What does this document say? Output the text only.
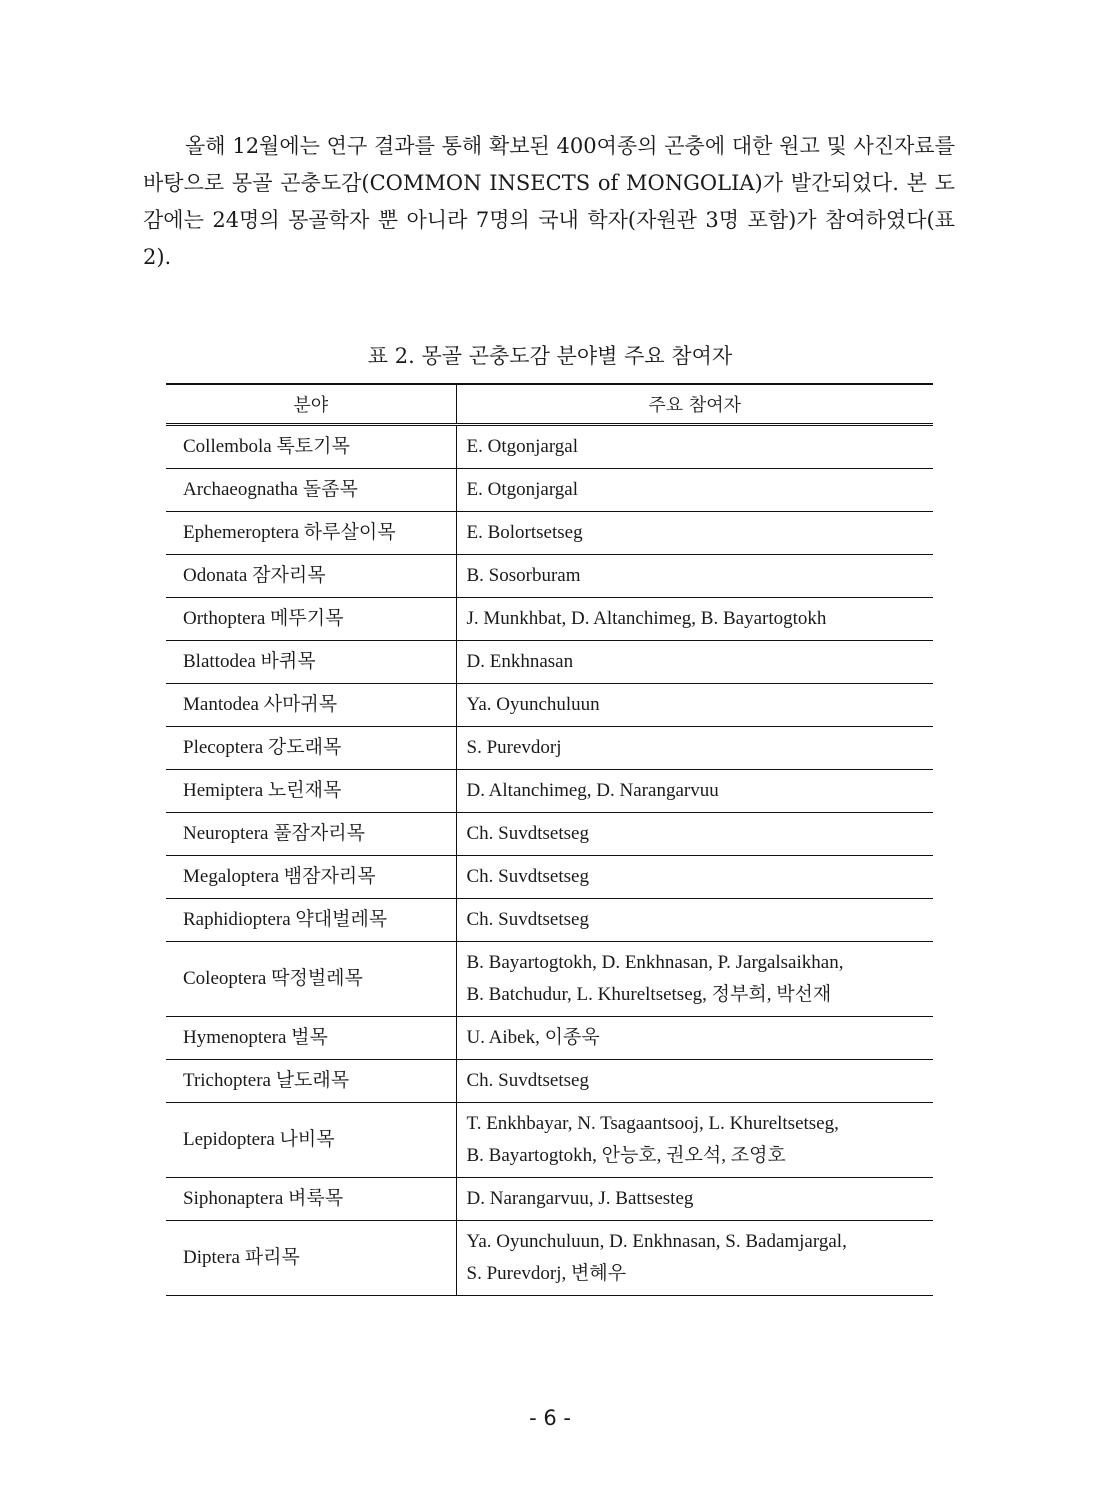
올해 12월에는 연구 결과를 통해 확보된 400여종의 곤충에 대한 원고 및 사진자료를 바탕으로 몽골 곤충도감(COMMON INSECTS of MONGOLIA)가 발간되었다. 본 도감에는 24명의 몽골학자 뿐 아니라 7명의 국내 학자(자원관 3명 포함)가 참여하였다(표 2).

표 2. 몽골 곤충도감 분야별 주요 참여자

분야	주요 참여자
Collembola 톡토기목	E. Otgonjargal

Archaeognatha 돌좀목	E. Otgonjargal

Ephemeroptera 하루살이목	E. Bolortsetseg

Odonata 잠자리목	B. Sosorburam

Orthoptera 메뚜기목	J. Munkhbat, D. Altanchimeg, B. Bayartogtokh

Blattodea 바퀴목	D. Enkhnasan

Mantodea 사마귀목	Ya. Oyunchuluun

Plecoptera 강도래목	S. Purevdorj

Hemiptera 노린재목	D. Altanchimeg, D. Narangarvuu

Neuroptera 풀잠자리목	Ch. Suvdtsetseg

Megaloptera 뱀잠자리목	Ch. Suvdtsetseg

Raphidioptera 약대벌레목	Ch. Suvdtsetseg

Coleoptera 딱정벌레목	B. Bayartogtokh, D. Enkhnasan, P. Jargalsaikhan,
B. Batchudur, L. Khureltsetseg, 정부희, 박선재

Hymenoptera 벌목	U. Aibek, 이종욱

Trichoptera 날도래목	Ch. Suvdtsetseg

Lepidoptera 나비목	T. Enkhbayar, N. Tsagaantsooj, L. Khureltsetseg,
B. Bayartogtokh, 안능호, 권오석, 조영호

Siphonaptera 벼룩목	D. Narangarvuu, J. Battsesteg

Diptera 파리목	Ya. Oyunchuluun, D. Enkhnasan, S. Badamjargal,
S. Purevdorj, 변혜우
- 6 -
